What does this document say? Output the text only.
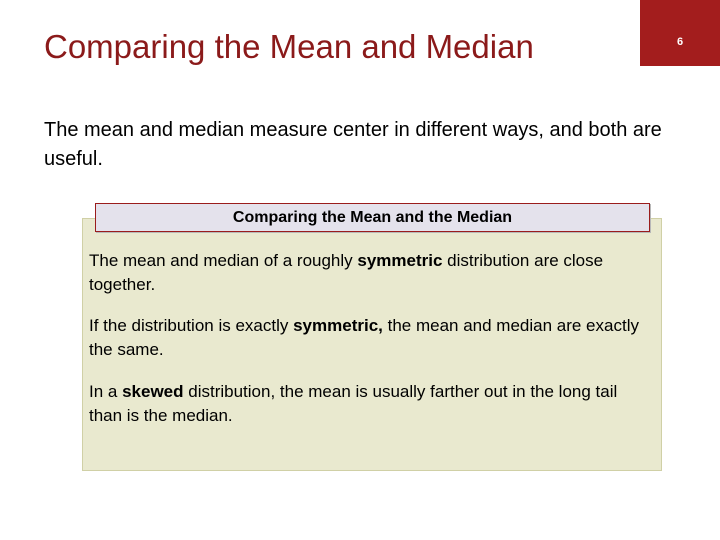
Comparing the Mean and Median	6
The mean and median measure center in different ways, and both are useful.
Comparing the Mean and the Median
The mean and median of a roughly symmetric distribution are close together.
If the distribution is exactly symmetric, the mean and median are exactly the same.
In a skewed distribution, the mean is usually farther out in the long tail than is the median.
